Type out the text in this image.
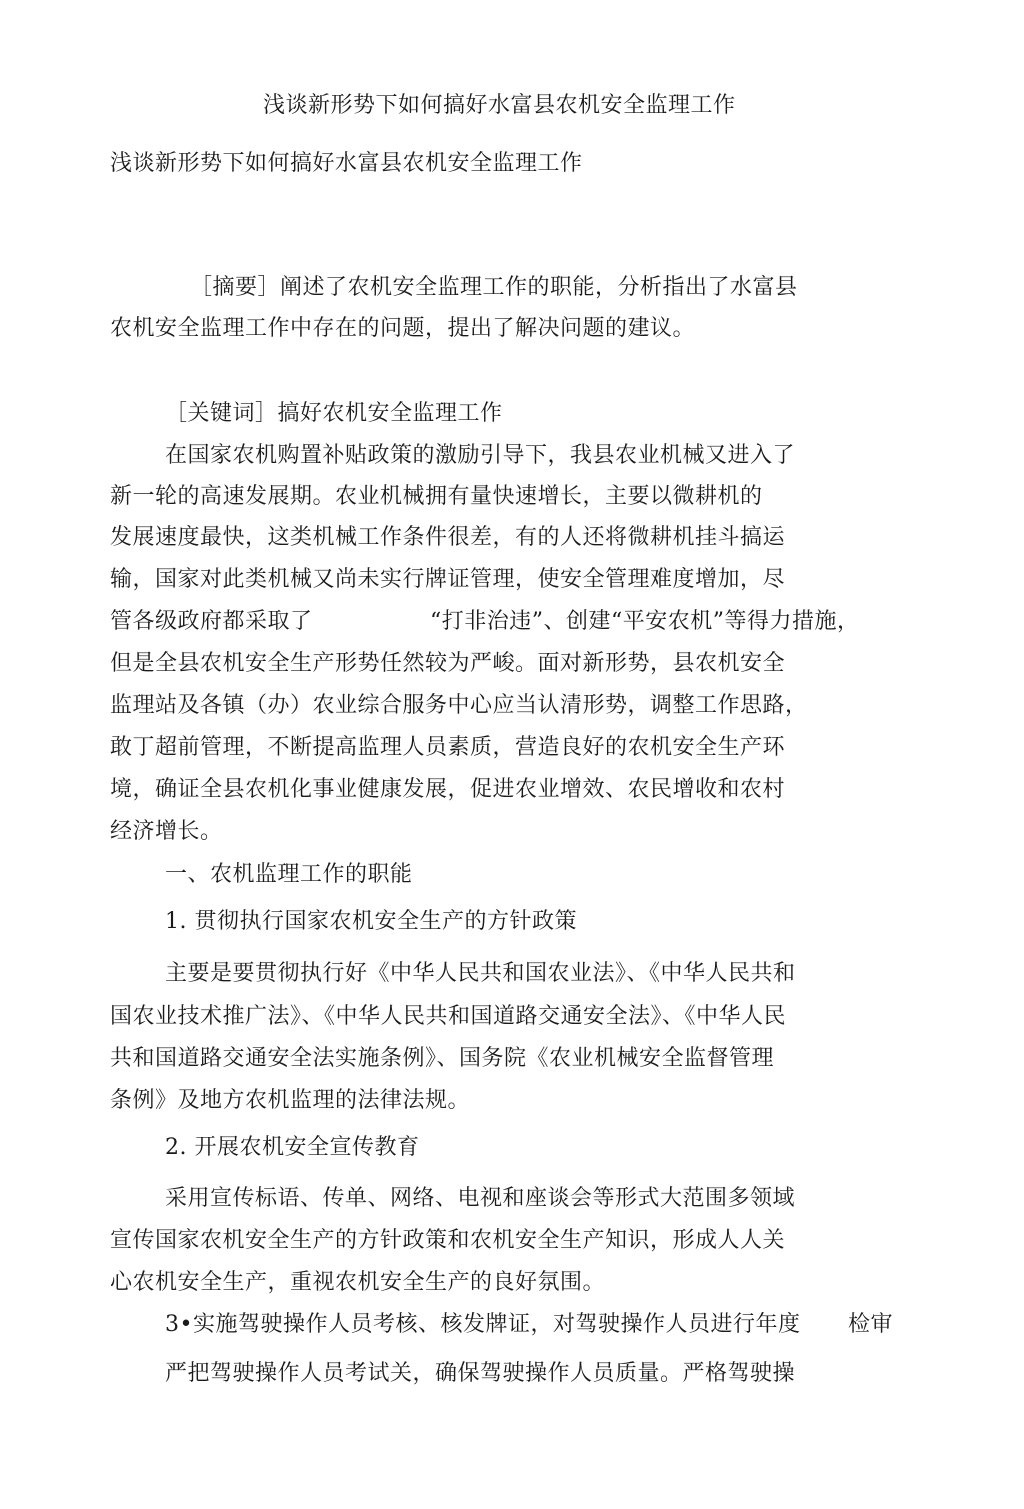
浅谈新形势下如何搞好水富县农机安全监理工作
浅谈新形势下如何搞好水富县农机安全监理工作
［摘要］阐述了农机安全监理工作的职能，分析指出了水富县
农机安全监理工作中存在的问题，提出了解决问题的建议。
［关键词］搞好农机安全监理工作
在国家农机购置补贴政策的激励引导下，我县农业机械又进入了
新一轮的高速发展期。农业机械拥有量快速增长，主要以微耕机的
发展速度最快，这类机械工作条件很差，有的人还将微耕机挂斗搞运
输，国家对此类机械又尚未实行牌证管理，使安全管理难度增加，尽
管各级政府都采取了	“打非治违”、创建“平安农机”等得力措施，
但是全县农机安全生产形势任然较为严峻。面对新形势，县农机安全
监理站及各镇（办）农业综合服务中心应当认清形势，调整工作思路，
敢丁超前管理，不断提高监理人员素质，营造良好的农机安全生产环
境，确证全县农机化事业健康发展，促进农业增效、农民增收和农村
经济增长。
一、农机监理工作的职能
1. 贯彻执行国家农机安全生产的方针政策
主要是要贯彻执行好《中华人民共和国农业法》、《中华人民共和
国农业技术推广法》、《中华人民共和国道路交通安全法》、《中华人民
共和国道路交通安全法实施条例》、国务院《农业机械安全监督管理
条例》及地方农机监理的法律法规。
2. 开展农机安全宣传教育
采用宣传标语、传单、网络、电视和座谈会等形式大范围多领域
宣传国家农机安全生产的方针政策和农机安全生产知识，形成人人关
心农机安全生产，重视农机安全生产的良好氛围。
3•实施驾驶操作人员考核、核发牌证，对驾驶操作人员进行年度 检审
严把驾驶操作人员考试关，确保驾驶操作人员质量。严格驾驶操
